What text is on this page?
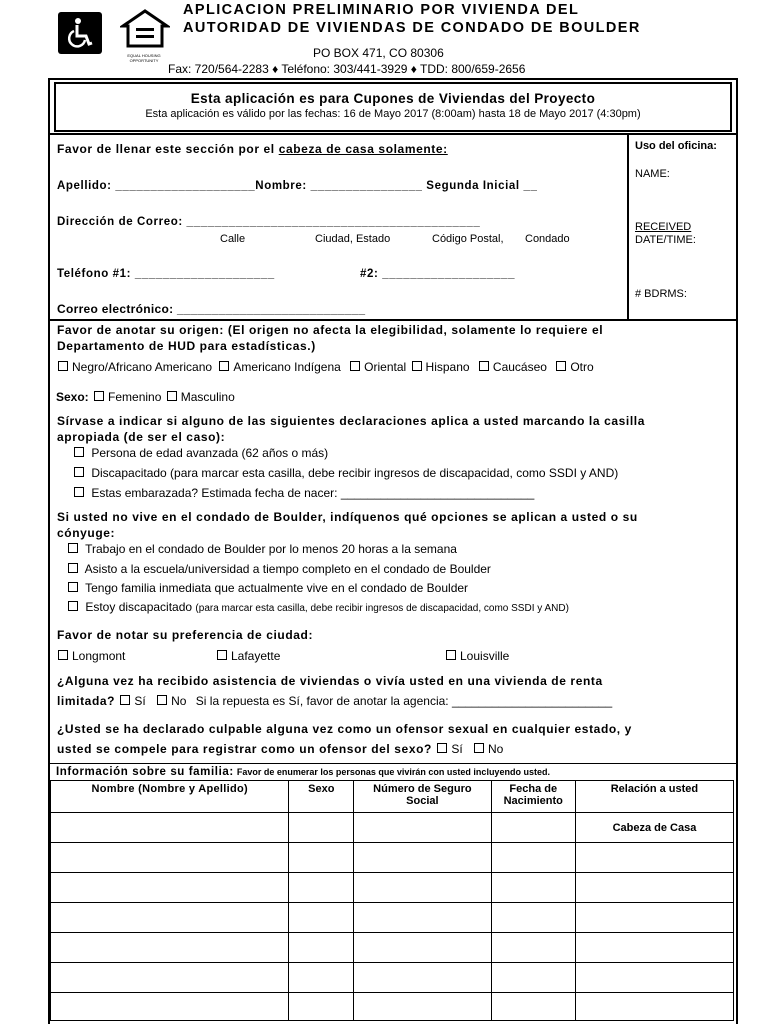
EQUAL HOUSING OPPORTUNITY
APLICACION PRELIMINARIO POR VIVIENDA DEL
AUTORIDAD DE VIVIENDAS DE CONDADO DE BOULDER
PO BOX 471, CO 80306
Fax: 720/564-2283 ♦ Teléfono: 303/441-3929 ♦ TDD: 800/659-2656
Esta aplicación es para Cupones de Viviendas del Proyecto
Esta aplicación es válido por las fechas: 16 de Mayo 2017 (8:00am) hasta 18 de Mayo 2017 (4:30pm)
Uso del oficina:
NAME:
RECEIVED
DATE/TIME:
# BDRMS:
Favor de llenar este sección por el cabeza de casa solamente:
Apellido: ____________________Nombre: ________________ Segunda Inicial __
Dirección de Correo: __________________________________________
Calle	Ciudad, Estado	Código Postal, Condado
Teléfono #1: ____________________	#2: ___________________
Correo electrónico: ___________________________
Favor de anotar su origen: (El origen no afecta la elegibilidad, solamente lo requiere el
Departamento de HUD para estadísticas.)
Negro/Africano Americano Americano Indígena Oriental Hispano Caucáseo Otro
Sexo: Femenino Masculino
Sírvase a indicar si alguno de las siguientes declaraciones aplica a usted marcando la casilla
apropiada (de ser el caso):
Persona de edad avanzada (62 años o más)
Discapacitado (para marcar esta casilla, debe recibir ingresos de discapacidad, como SSDI y AND)
Estas embarazada? Estimada fecha de nacer: _____________________________
Si usted no vive en el condado de Boulder, indíquenos qué opciones se aplican a usted o su
cónyuge:
Trabajo en el condado de Boulder por lo menos 20 horas a la semana
Asisto a la escuela/universidad a tiempo completo en el condado de Boulder
Tengo familia inmediata que actualmente vive en el condado de Boulder
Estoy discapacitado (para marcar esta casilla, debe recibir ingresos de discapacidad, como SSDI y AND)
Favor de notar su preferencia de ciudad:
Longmont	Lafayette	Louisville
¿Alguna vez ha recibido asistencia de viviendas o vivía usted en una vivienda de renta
limitada? Sí No Si la repuesta es Sí, favor de anotar la agencia: ________________________
¿Usted se ha declarado culpable alguna vez como un ofensor sexual en cualquier estado, y
usted se compele para registrar como un ofensor del sexo? Sí No
Información sobre su familia: Favor de enumerar los personas que vivirán con usted incluyendo usted.
Nombre (Nombre y Apellido)	Sexo	Número de Seguro Social	Fecha de Nacimiento	Relación a usted
				Cabeza de Casa
